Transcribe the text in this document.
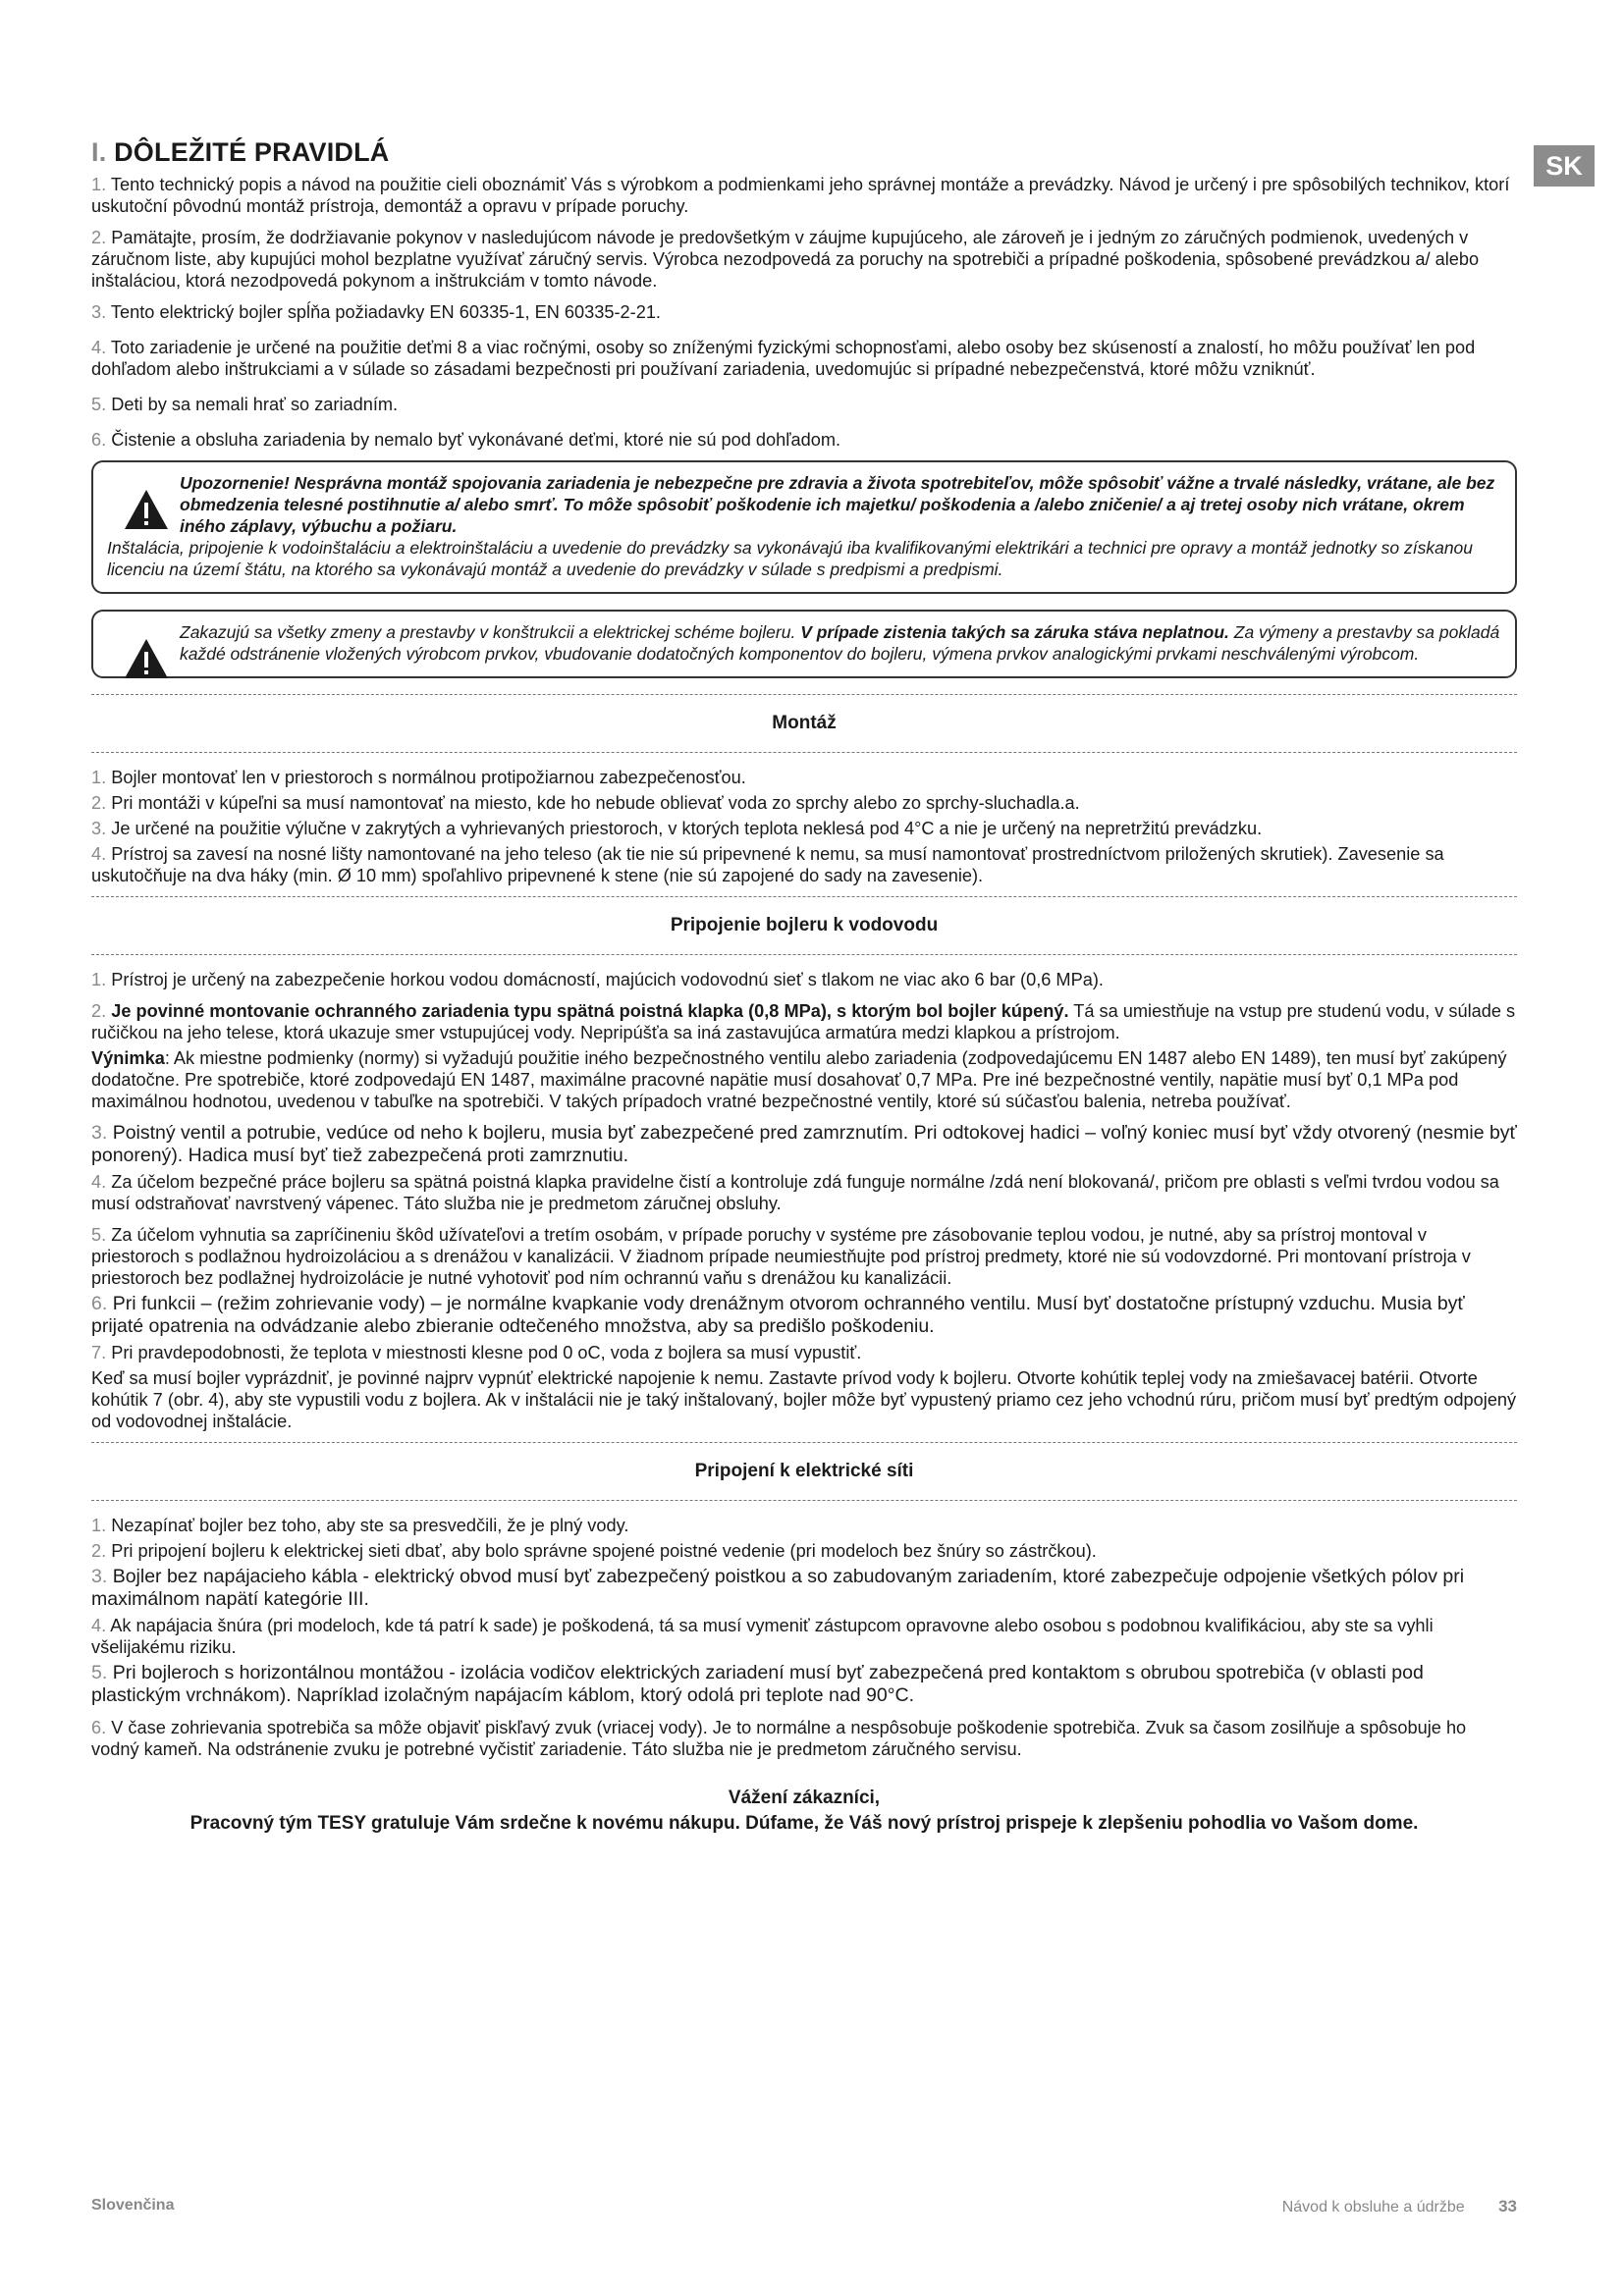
SK
I. DÔLEŽITÉ PRAVIDLÁ

1. Tento technický popis a návod na použitie cieli oboznámiť Vás s výrobkom a podmienkami jeho správnej montáže a prevádzky. Návod je určený i pre spôsobilých technikov, ktorí uskutoční pôvodnú montáž prístroja, demontáž a opravu v prípade poruchy.

2. Pamätajte, prosím, že dodržiavanie pokynov v nasledujúcom návode je predovšetkým v záujme kupujúceho, ale zároveň je i jedným zo záručných podmienok, uvedených v záručnom liste, aby kupujúci mohol bezplatne využívať záručný servis. Výrobca nezodpovedá za poruchy na spotrebiči a prípadné poškodenia, spôsobené prevádzkou a/ alebo inštaláciou, ktorá nezodpovedá pokynom a inštrukciám v tomto návode.

3. Tento elektrický bojler spĺňa požiadavky EN 60335-1, EN 60335-2-21.

4. Toto zariadenie je určené na použitie deťmi 8 a viac ročnými, osoby so zníženými fyzickými schopnosťami, alebo osoby bez skúseností a znalostí, ho môžu používať len pod dohľadom alebo inštrukciami a v súlade so zásadami bezpečnosti pri používaní zariadenia, uvedomujúc si prípadné nebezpečenstvá, ktoré môžu vzniknúť.

5. Deti by sa nemali hrať so zariadním.

6. Čistenie a obsluha zariadenia by nemalo byť vykonávané deťmi, ktoré nie sú pod dohľadom.

Upozornenie! Nesprávna montáž spojovania zariadenia je nebezpečne pre zdravia a života spotrebiteľov, môže spôsobiť vážne a trvalé následky, vrátane, ale bez obmedzenia telesné postihnutie a/ alebo smrť. To môže spôsobiť poškodenie ich majetku/ poškodenia a /alebo zničenie/ a aj tretej osoby nich vrátane, okrem iného záplavy, výbuchu a požiaru.
Inštalácia, pripojenie k vodoinštaláciu a elektroinštaláciu a uvedenie do prevádzky sa vykonávajú iba kvalifikovanými elektrikári a technici pre opravy a montáž jednotky so získanou licenciu na území štátu, na ktorého sa vykonávajú montáž a uvedenie do prevádzky v súlade s predpismi a predpismi.
Zakazujú sa všetky zmeny a prestavby v konštrukcii a elektrickej schéme bojleru. V prípade zistenia takých sa záruka stáva neplatnou. Za výmeny a prestavby sa pokladá každé odstránenie vložených výrobcom prvkov, vbudovanie dodatočných komponentov do bojleru, výmena prvkov analogickými prvkami neschválenými výrobcom.
Montáž

1. Bojler montovať len v priestoroch s normálnou protipožiarnou zabezpečenosťou.

2. Pri montáži v kúpeľni sa musí namontovať na miesto, kde ho nebude oblievať voda zo sprchy alebo zo sprchy-sluchadla.a.

3. Je určené na použitie výlučne v zakrytých a vyhrievaných priestoroch, v ktorých teplota neklesá pod 4°C a nie je určený na nepretržitú prevádzku.

4. Prístroj sa zavesí na nosné lišty namontované na jeho teleso (ak tie nie sú pripevnené k nemu, sa musí namontovať prostredníctvom priložených skrutiek). Zavesenie sa uskutočňuje na dva háky (min. Ø 10 mm) spoľahlivo pripevnené k stene (nie sú zapojené do sady na zavesenie).

Pripojenie bojleru k vodovodu

1. Prístroj je určený na zabezpečenie horkou vodou domácností, majúcich vodovodnú sieť s tlakom ne viac ako 6 bar (0,6 MPa).

2. Je povinné montovanie ochranného zariadenia typu spätná poistná klapka (0,8 MPa), s ktorým bol bojler kúpený. Tá sa umiestňuje na vstup pre studenú vodu, v súlade s ručičkou na jeho telese, ktorá ukazuje smer vstupujúcej vody. Nepripúšťa sa iná zastavujúca armatúra medzi klapkou a prístrojom.

Výnimka: Ak miestne podmienky (normy) si vyžadujú použitie iného bezpečnostného ventilu alebo zariadenia (zodpovedajúcemu EN 1487 alebo EN 1489), ten musí byť zakúpený dodatočne. Pre spotrebiče, ktoré zodpovedajú EN 1487, maximálne pracovné napätie musí dosahovať 0,7 MPa. Pre iné bezpečnostné ventily, napätie musí byť 0,1 MPa pod maximálnou hodnotou, uvedenou v tabuľke na spotrebiči. V takých prípadoch vratné bezpečnostné ventily, ktoré sú súčasťou balenia, netreba používať.

3. Poistný ventil a potrubie, vedúce od neho k bojleru, musia byť zabezpečené pred zamrznutím. Pri odtokovej hadici – voľný koniec musí byť vždy otvorený (nesmie byť ponorený). Hadica musí byť tiež zabezpečená proti zamrznutiu.

4. Za účelom bezpečné práce bojleru sa spätná poistná klapka pravidelne čistí a kontroluje zdá funguje normálne /zdá není blokovaná/, pričom pre oblasti s veľmi tvrdou vodou sa musí odstraňovať navrstvený vápenec. Táto služba nie je predmetom záručnej obsluhy.

5. Za účelom vyhnutia sa zapríčineniu škôd užívateľovi a tretím osobám, v prípade poruchy v systéme pre zásobovanie teplou vodou, je nutné, aby sa prístroj montoval v priestoroch s podlažnou hydroizoláciou a s drenážou v kanalizácii. V žiadnom prípade neumiestňujte pod prístroj predmety, ktoré nie sú vodovzdorné. Pri montovaní prístroja v priestoroch bez podlažnej hydroizolácie je nutné vyhotoviť pod ním ochrannú vaňu s drenážou ku kanalizácii.

6. Pri funkcii – (režim zohrievanie vody) – je normálne kvapkanie vody drenážnym otvorom ochranného ventilu. Musí byť dostatočne prístupný vzduchu. Musia byť prijaté opatrenia na odvádzanie alebo zbieranie odtečeného množstva, aby sa predišlo poškodeniu.

7. Pri pravdepodobnosti, že teplota v miestnosti klesne pod 0 oC, voda z bojlera sa musí vypustiť.

Keď sa musí bojler vyprázdniť, je povinné najprv vypnúť elektrické napojenie k nemu. Zastavte prívod vody k bojleru. Otvorte kohútik teplej vody na zmiešavacej batérii. Otvorte kohútik 7 (obr. 4), aby ste vypustili vodu z bojlera. Ak v inštalácii nie je taký inštalovaný, bojler môže byť vypustený priamo cez jeho vchodnú rúru, pričom musí byť predtým odpojený od vodovodnej inštalácie.

Pripojení k elektrické síti

1. Nezapínať bojler bez toho, aby ste sa presvedčili, že je plný vody.

2. Pri pripojení bojleru k elektrickej sieti dbať, aby bolo správne spojené poistné vedenie (pri modeloch bez šnúry so zástrčkou).

3. Bojler bez napájacieho kábla - elektrický obvod musí byť zabezpečený poistkou a so zabudovaným zariadením, ktoré zabezpečuje odpojenie všetkých pólov pri maximálnom napätí kategórie III.

4. Ak napájacia šnúra (pri modeloch, kde tá patrí k sade) je poškodená, tá sa musí vymeniť zástupcom opravovne alebo osobou s podobnou kvalifikáciou, aby ste sa vyhli všelijakému riziku.

5. Pri bojleroch s horizontálnou montážou - izolácia vodičov elektrických zariadení musí byť zabezpečená pred kontaktom s obrubou spotrebiča (v oblasti pod plastickým vrchnákom). Napríklad izolačným napájacím káblom, ktorý odolá pri teplote nad 90°C.

6. V čase zohrievania spotrebiča sa môže objaviť piskľavý zvuk (vriacej vody). Je to normálne a nespôsobuje poškodenie spotrebiča. Zvuk sa časom zosilňuje a spôsobuje ho vodný kameň. Na odstránenie zvuku je potrebné vyčistiť zariadenie. Táto služba nie je predmetom záručného servisu.

Vážení zákazníci,
Pracovný tým TESY gratuluje Vám srdečne k novému nákupu. Dúfame, že Váš nový prístroj prispeje k zlepšeniu pohodlia vo Vašom dome.
Slovenčina	Návod k obsluhe a údržbe 33
